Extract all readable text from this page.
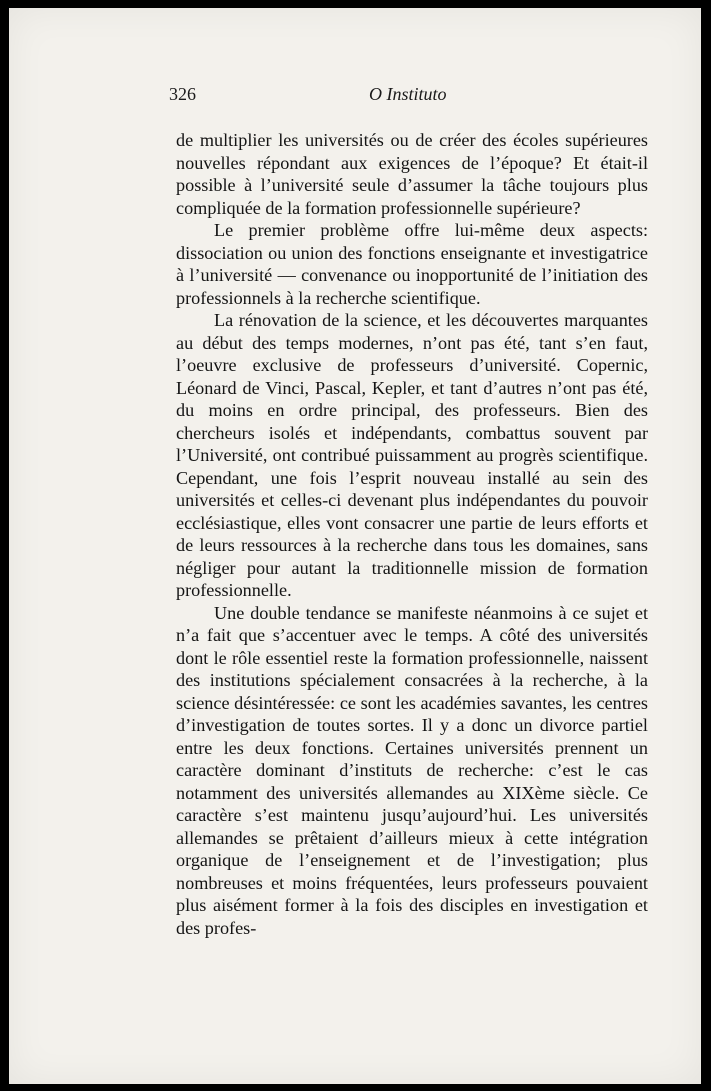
326	O Instituto

de multiplier les universités ou de créer des écoles supérieures nouvelles répondant aux exigences de l’époque? Et était-il possible à l’université seule d’assumer la tâche toujours plus compliquée de la formation professionnelle supérieure?

Le premier problème offre lui-même deux aspects: dissociation ou union des fonctions enseignante et investigatrice à l’université — convenance ou inopportunité de l’initiation des professionnels à la recherche scientifique.

La rénovation de la science, et les découvertes marquantes au début des temps modernes, n’ont pas été, tant s’en faut, l’oeuvre exclusive de professeurs d’université. Copernic, Léonard de Vinci, Pascal, Kepler, et tant d’autres n’ont pas été, du moins en ordre principal, des professeurs. Bien des chercheurs isolés et indépendants, combattus souvent par l’Université, ont contribué puissamment au progrès scientifique. Cependant, une fois l’esprit nouveau installé au sein des universités et celles-ci devenant plus indépendantes du pouvoir ecclésiastique, elles vont consacrer une partie de leurs efforts et de leurs ressources à la recherche dans tous les domaines, sans négliger pour autant la traditionnelle mission de formation professionnelle.

Une double tendance se manifeste néanmoins à ce sujet et n’a fait que s’accentuer avec le temps. A côté des universités dont le rôle essentiel reste la formation professionnelle, naissent des institutions spécialement consacrées à la recherche, à la science désintéressée: ce sont les académies savantes, les centres d’investigation de toutes sortes. Il y a donc un divorce partiel entre les deux fonctions. Certaines universités prennent un caractère dominant d’instituts de recherche: c’est le cas notamment des universités allemandes au XIXème siècle. Ce caractère s’est maintenu jusqu’aujourd’hui. Les universités allemandes se prêtaient d’ailleurs mieux à cette intégration organique de l’enseignement et de l’investigation; plus nombreuses et moins fréquentées, leurs professeurs pouvaient plus aisément former à la fois des disciples en investigation et des profes-
